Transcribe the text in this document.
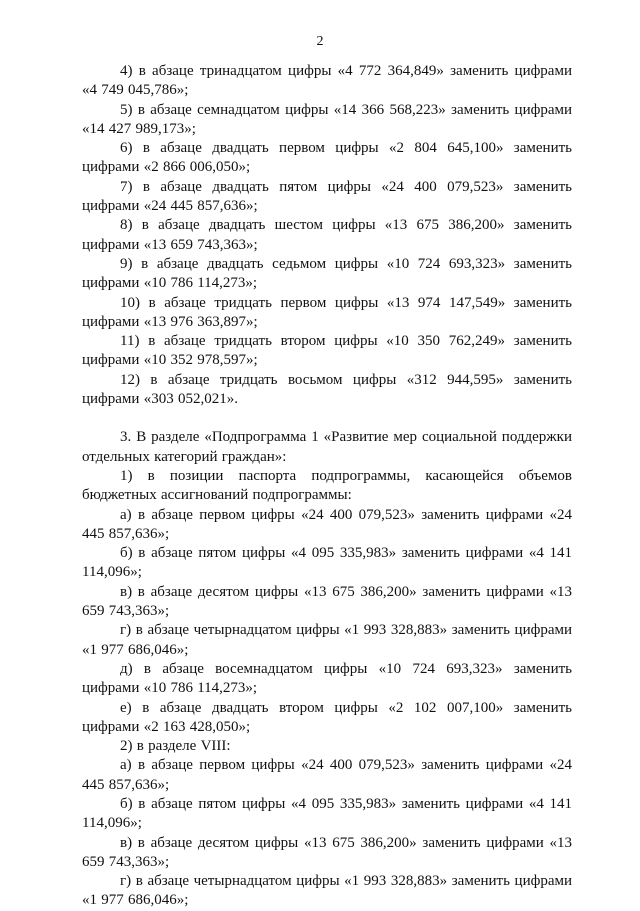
2

4) в абзаце тринадцатом цифры «4 772 364,849» заменить цифрами «4 749 045,786»;

5) в абзаце семнадцатом цифры «14 366 568,223» заменить цифрами «14 427 989,173»;

6) в абзаце двадцать первом цифры «2 804 645,100» заменить цифрами «2 866 006,050»;

7) в абзаце двадцать пятом цифры «24 400 079,523» заменить цифрами «24 445 857,636»;

8) в абзаце двадцать шестом цифры «13 675 386,200» заменить цифрами «13 659 743,363»;

9) в абзаце двадцать седьмом цифры «10 724 693,323» заменить цифрами «10 786 114,273»;

10) в абзаце тридцать первом цифры «13 974 147,549» заменить цифрами «13 976 363,897»;

11) в абзаце тридцать втором цифры «10 350 762,249» заменить цифрами «10 352 978,597»;

12) в абзаце тридцать восьмом цифры «312 944,595» заменить цифрами «303 052,021».

3. В разделе «Подпрограмма 1 «Развитие мер социальной поддержки отдельных категорий граждан»:

1) в позиции паспорта подпрограммы, касающейся объемов бюджетных ассигнований подпрограммы:

а) в абзаце первом цифры «24 400 079,523» заменить цифрами «24 445 857,636»;

б) в абзаце пятом цифры «4 095 335,983» заменить цифрами «4 141 114,096»;

в) в абзаце десятом цифры «13 675 386,200» заменить цифрами «13 659 743,363»;

г) в абзаце четырнадцатом цифры «1 993 328,883» заменить цифрами «1 977 686,046»;

д) в абзаце восемнадцатом цифры «10 724 693,323» заменить цифрами «10 786 114,273»;

е) в абзаце двадцать втором цифры «2 102 007,100» заменить цифрами «2 163 428,050»;

2) в разделе VIII:

а) в абзаце первом цифры «24 400 079,523» заменить цифрами «24 445 857,636»;

б) в абзаце пятом цифры «4 095 335,983» заменить цифрами «4 141 114,096»;

в) в абзаце десятом цифры «13 675 386,200» заменить цифрами «13 659 743,363»;

г) в абзаце четырнадцатом цифры «1 993 328,883» заменить цифрами «1 977 686,046»;
